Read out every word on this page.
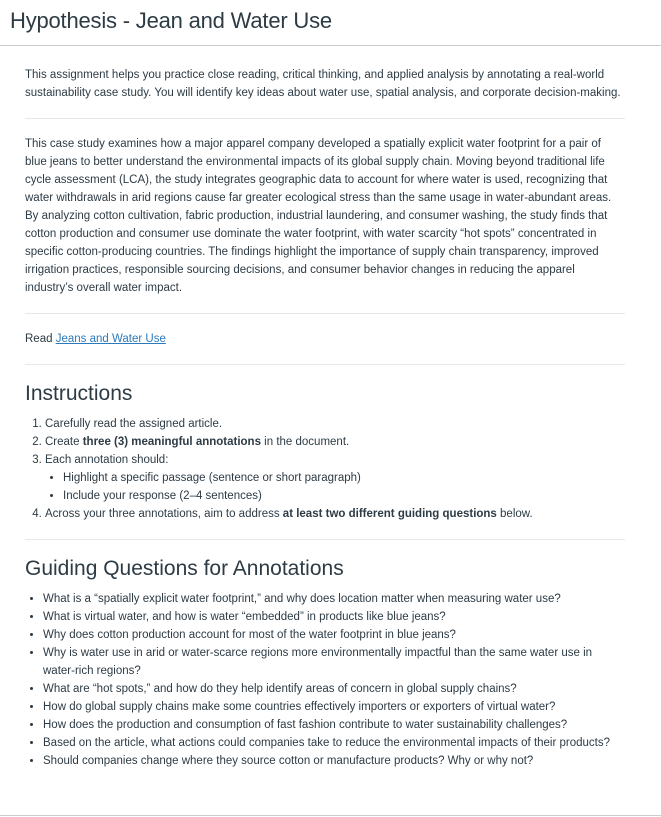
Hypothesis - Jean and Water Use

This assignment helps you practice close reading, critical thinking, and applied analysis by annotating a real-world sustainability case study. You will identify key ideas about water use, spatial analysis, and corporate decision-making.

This case study examines how a major apparel company developed a spatially explicit water footprint for a pair of blue jeans to better understand the environmental impacts of its global supply chain. Moving beyond traditional life cycle assessment (LCA), the study integrates geographic data to account for where water is used, recognizing that water withdrawals in arid regions cause far greater ecological stress than the same usage in water-abundant areas. By analyzing cotton cultivation, fabric production, industrial laundering, and consumer washing, the study finds that cotton production and consumer use dominate the water footprint, with water scarcity “hot spots” concentrated in specific cotton-producing countries. The findings highlight the importance of supply chain transparency, improved irrigation practices, responsible sourcing decisions, and consumer behavior changes in reducing the apparel industry’s overall water impact.

Read Jeans and Water Use

Instructions
1. Carefully read the assigned article.
2. Create three (3) meaningful annotations in the document.
3. Each annotation should:
• Highlight a specific passage (sentence or short paragraph)
• Include your response (2–4 sentences)
4. Across your three annotations, aim to address at least two different guiding questions below.
Guiding Questions for Annotations
• What is a “spatially explicit water footprint,” and why does location matter when measuring water use?
• What is virtual water, and how is water “embedded” in products like blue jeans?
• Why does cotton production account for most of the water footprint in blue jeans?
• Why is water use in arid or water-scarce regions more environmentally impactful than the same water use in water-rich regions?
• What are “hot spots,” and how do they help identify areas of concern in global supply chains?
• How do global supply chains make some countries effectively importers or exporters of virtual water?
• How does the production and consumption of fast fashion contribute to water sustainability challenges?
• Based on the article, what actions could companies take to reduce the environmental impacts of their products?
• Should companies change where they source cotton or manufacture products? Why or why not?
